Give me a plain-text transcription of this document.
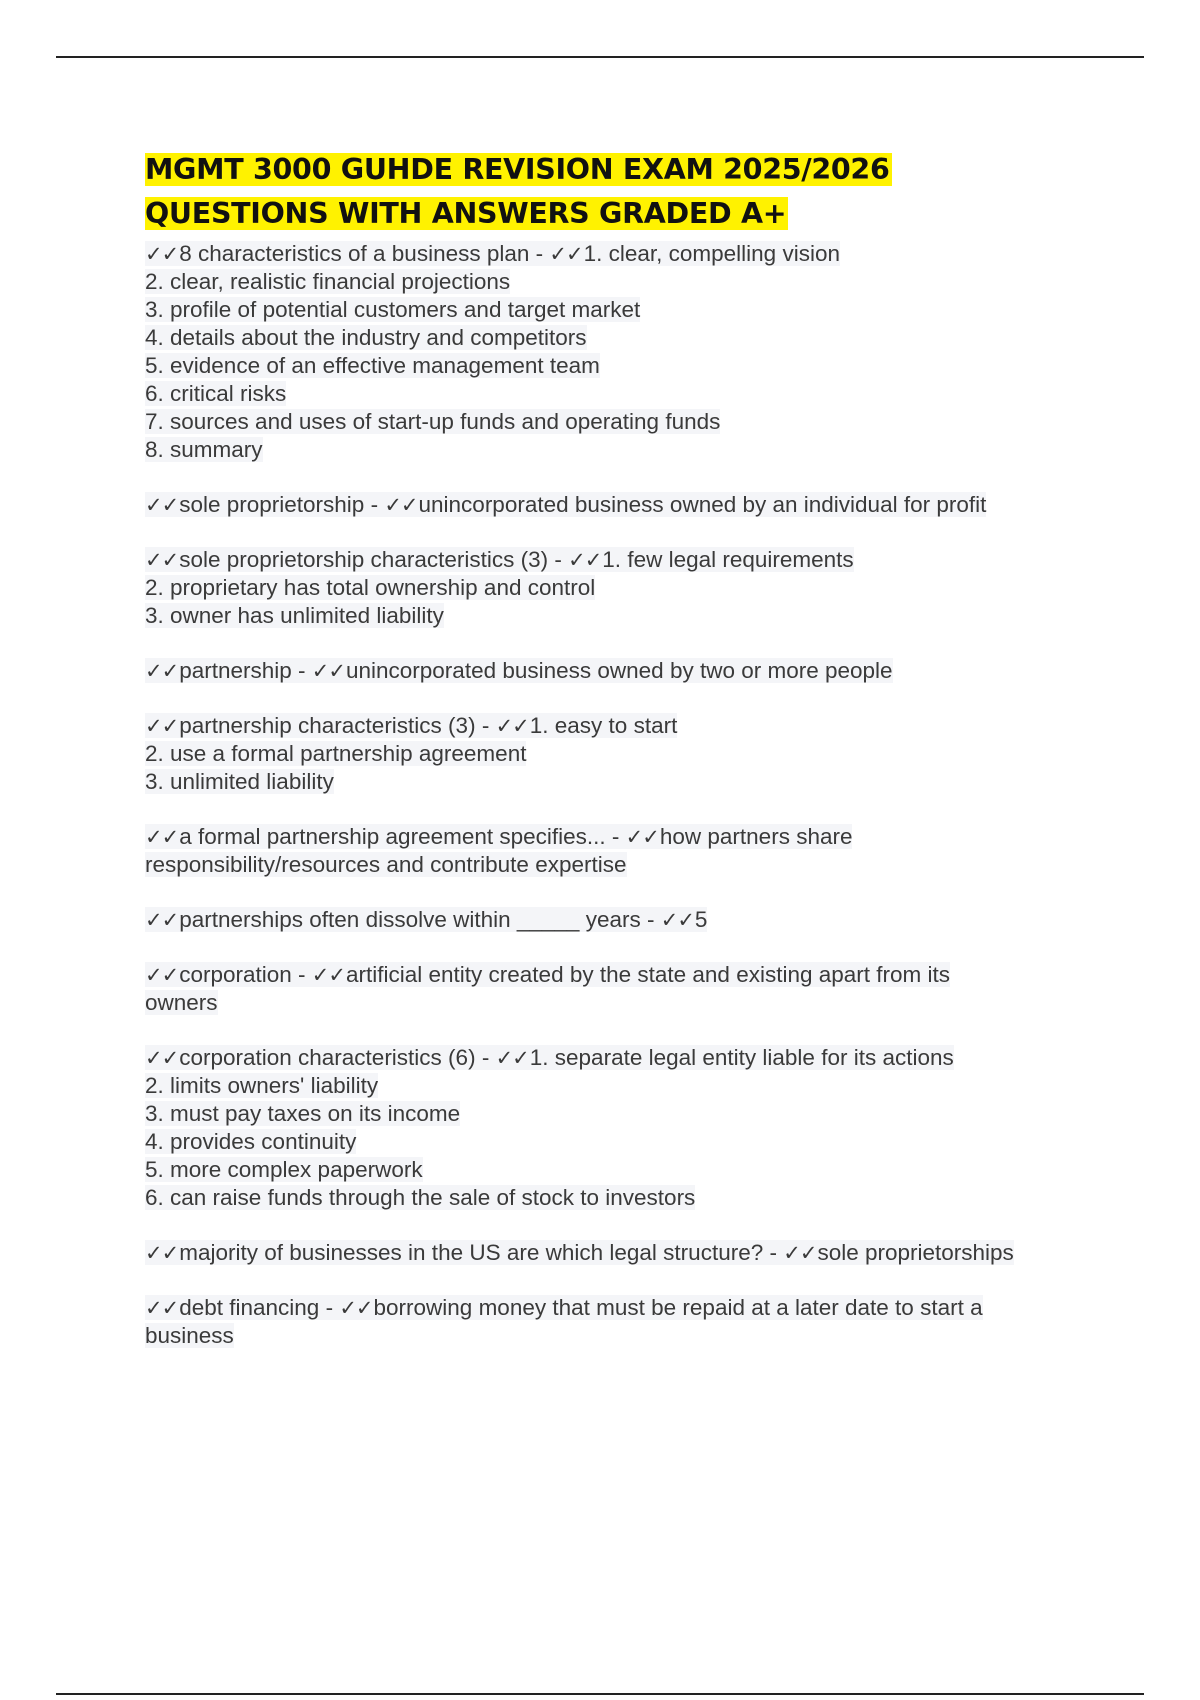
MGMT 3000 GUHDE REVISION EXAM 2025/2026
QUESTIONS WITH ANSWERS GRADED A+
✓✓8 characteristics of a business plan - ✓✓1. clear, compelling vision
2. clear, realistic financial projections
3. profile of potential customers and target market
4. details about the industry and competitors
5. evidence of an effective management team
6. critical risks
7. sources and uses of start-up funds and operating funds
8. summary
✓✓sole proprietorship - ✓✓unincorporated business owned by an individual for profit
✓✓sole proprietorship characteristics (3) - ✓✓1. few legal requirements
2. proprietary has total ownership and control
3. owner has unlimited liability
✓✓partnership - ✓✓unincorporated business owned by two or more people
✓✓partnership characteristics (3) - ✓✓1. easy to start
2. use a formal partnership agreement
3. unlimited liability
✓✓a formal partnership agreement specifies... - ✓✓how partners share
responsibility/resources and contribute expertise
✓✓partnerships often dissolve within _____ years - ✓✓5
✓✓corporation - ✓✓artificial entity created by the state and existing apart from its
owners
✓✓corporation characteristics (6) - ✓✓1. separate legal entity liable for its actions
2. limits owners' liability
3. must pay taxes on its income
4. provides continuity
5. more complex paperwork
6. can raise funds through the sale of stock to investors
✓✓majority of businesses in the US are which legal structure? - ✓✓sole proprietorships
✓✓debt financing - ✓✓borrowing money that must be repaid at a later date to start a
business
